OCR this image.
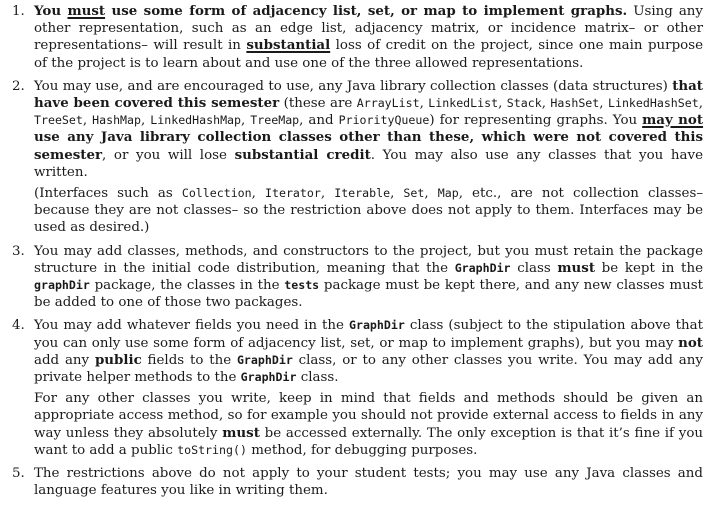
1. You must use some form of adjacency list, set, or map to implement graphs. Using any other representation, such as an edge list, adjacency matrix, or incidence matrix– or other representations– will result in substantial loss of credit on the project, since one main purpose of the project is to learn about and use one of the three allowed representations.
2. You may use, and are encouraged to use, any Java library collection classes (data structures) that have been covered this semester (these are ArrayList, LinkedList, Stack, HashSet, LinkedHashSet, TreeSet, HashMap, LinkedHashMap, TreeMap, and PriorityQueue) for representing graphs. You may not use any Java library collection classes other than these, which were not covered this semester, or you will lose substantial credit. You may also use any classes that you have written.
(Interfaces such as Collection, Iterator, Iterable, Set, Map, etc., are not collection classes– because they are not classes– so the restriction above does not apply to them. Interfaces may be used as desired.)
3. You may add classes, methods, and constructors to the project, but you must retain the package structure in the initial code distribution, meaning that the GraphDir class must be kept in the graphDir package, the classes in the tests package must be kept there, and any new classes must be added to one of those two packages.
4. You may add whatever fields you need in the GraphDir class (subject to the stipulation above that you can only use some form of adjacency list, set, or map to implement graphs), but you may not add any public fields to the GraphDir class, or to any other classes you write. You may add any private helper methods to the GraphDir class.
For any other classes you write, keep in mind that fields and methods should be given an appropriate access method, so for example you should not provide external access to fields in any way unless they absolutely must be accessed externally. The only exception is that it’s fine if you want to add a public toString() method, for debugging purposes.
5. The restrictions above do not apply to your student tests; you may use any Java classes and language features you like in writing them.
